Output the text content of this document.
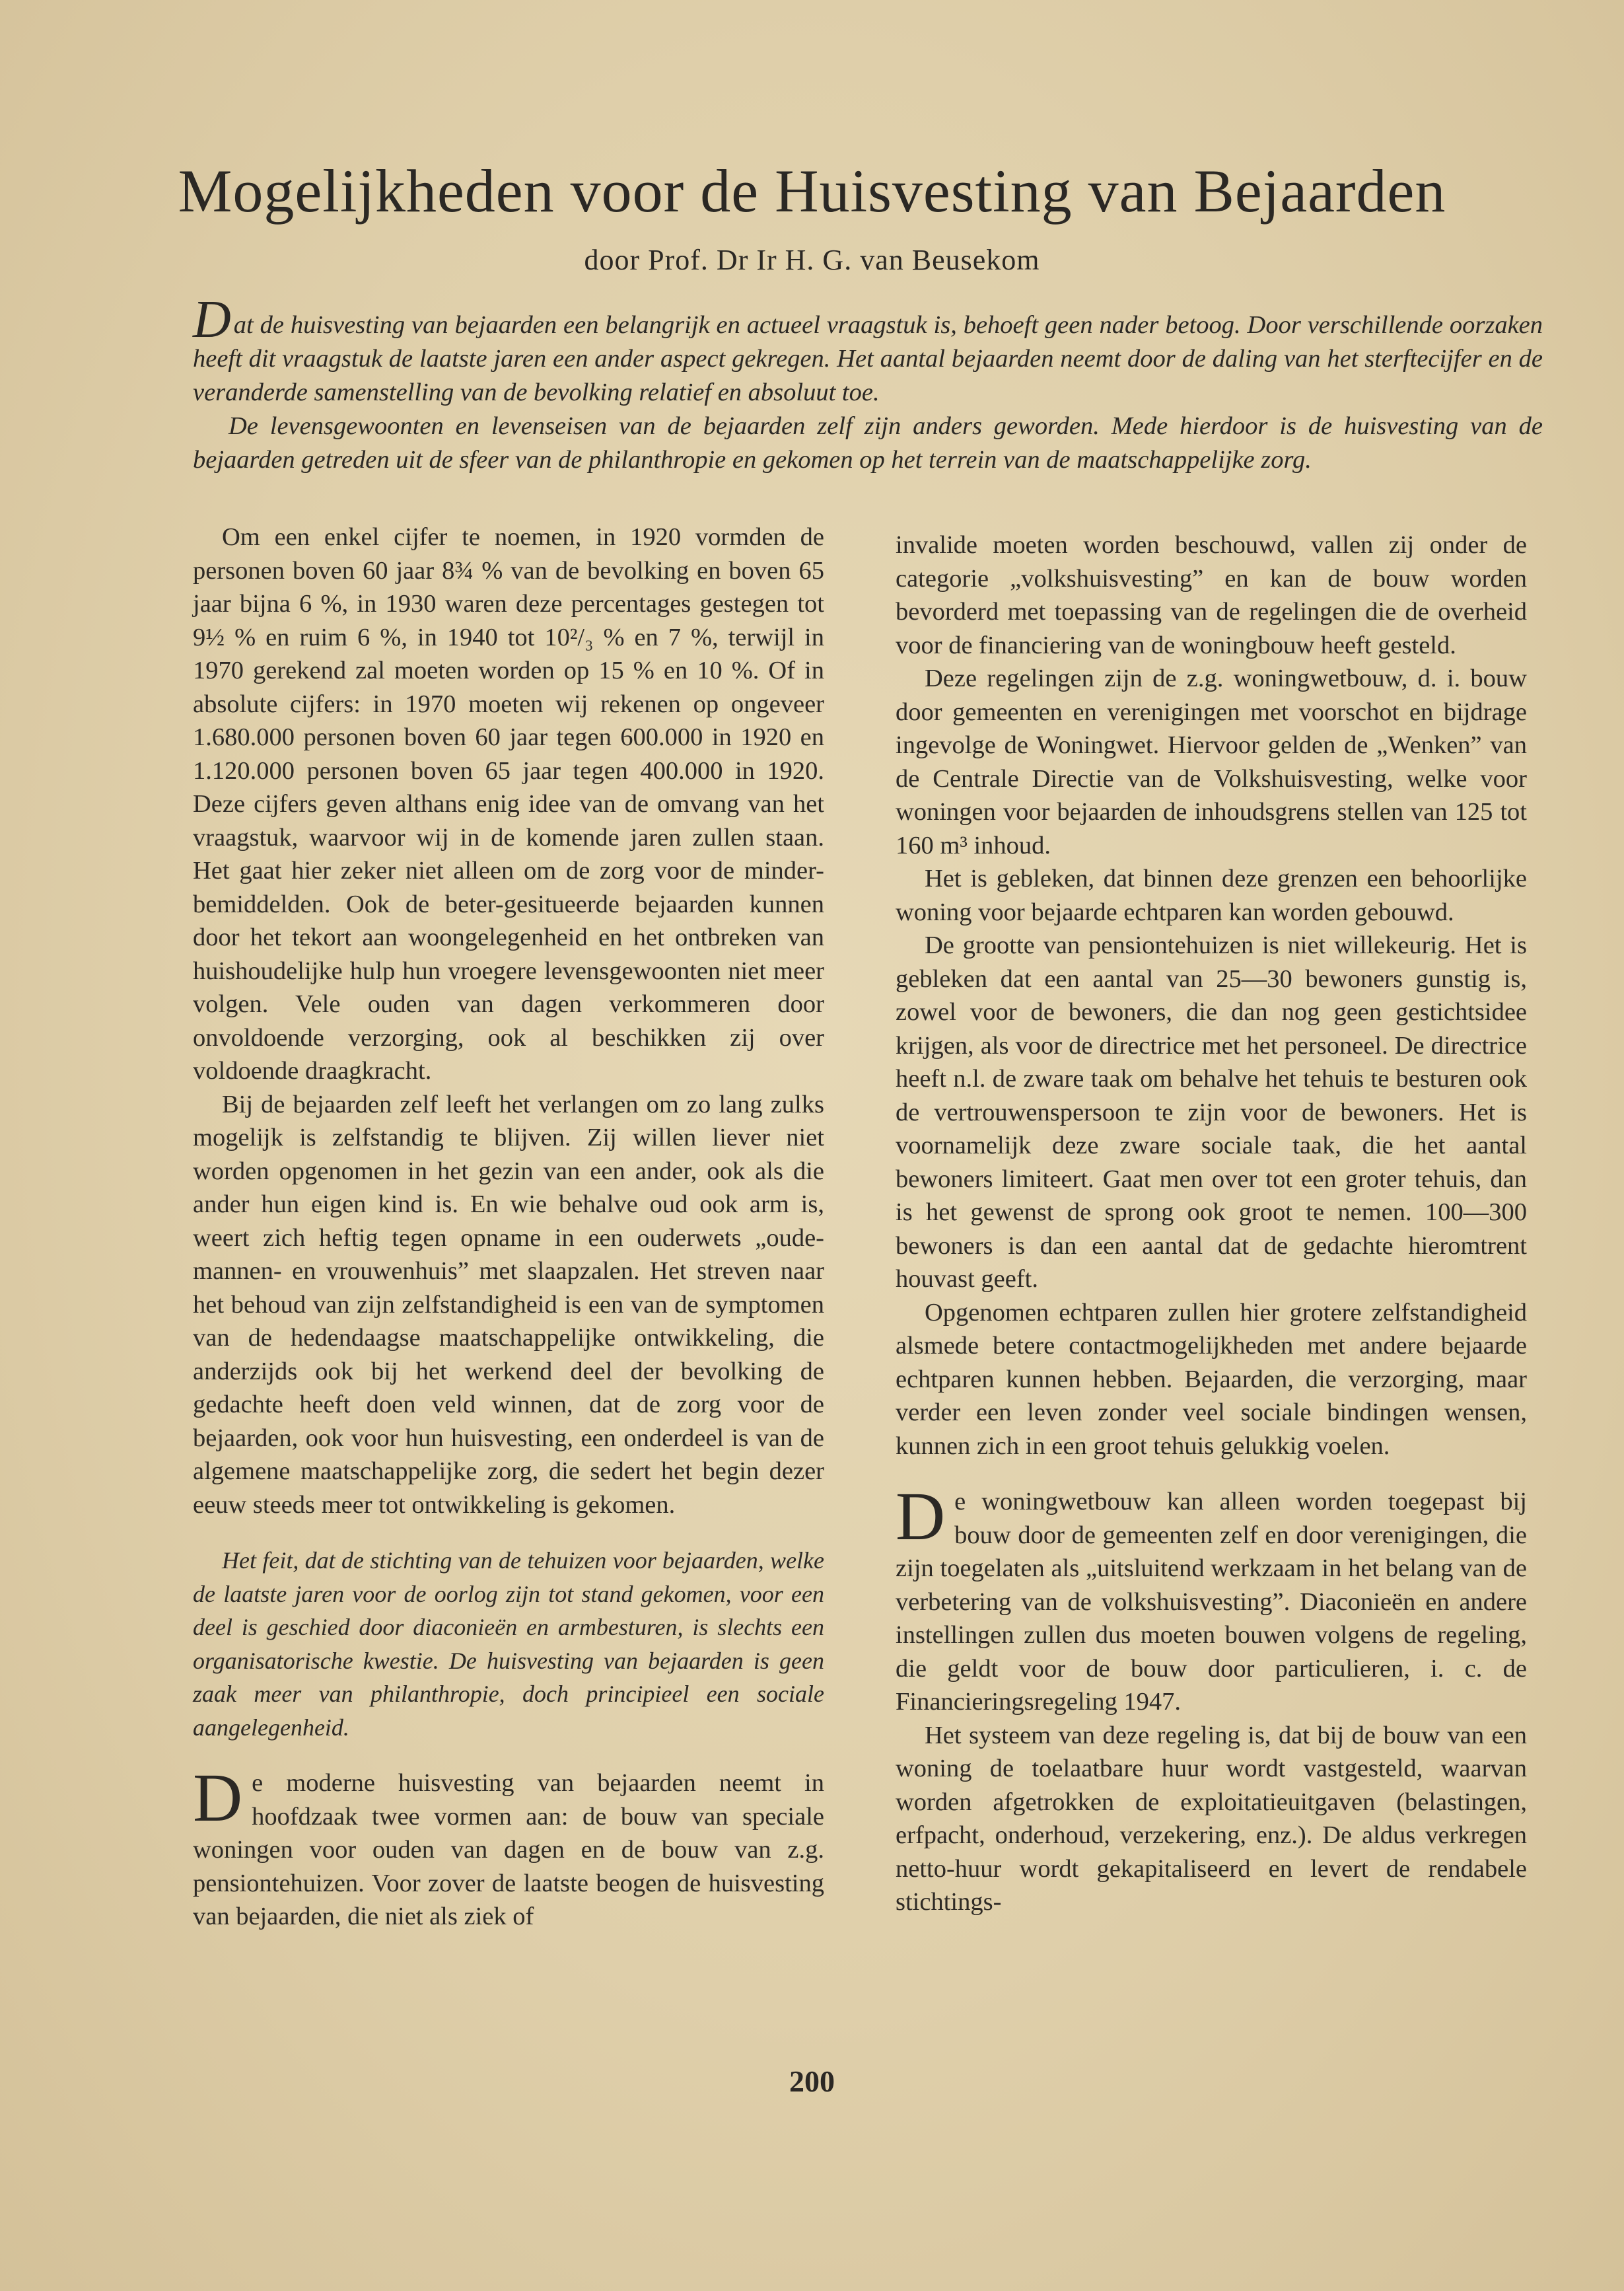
Mogelijkheden voor de Huisvesting van Bejaarden
door Prof. Dr Ir H. G. van Beusekom

Dat de huisvesting van bejaarden een belangrijk en actueel vraagstuk is, behoeft geen nader betoog. Door verschillende oorzaken heeft dit vraagstuk de laatste jaren een ander aspect gekregen. Het aantal bejaarden neemt door de daling van het sterftecijfer en de veranderde samenstelling van de bevolking relatief en absoluut toe.

De levensgewoonten en levenseisen van de bejaarden zelf zijn anders geworden. Mede hierdoor is de huisvesting van de bejaarden getreden uit de sfeer van de philanthropie en gekomen op het terrein van de maatschappelijke zorg.

Om een enkel cijfer te noemen, in 1920 vormden de personen boven 60 jaar 8¾ % van de bevolking en boven 65 jaar bijna 6 %, in 1930 waren deze percentages gestegen tot 9½ % en ruim 6 %, in 1940 tot 10²/₃ % en 7 %, terwijl in 1970 gerekend zal moeten worden op 15 % en 10 %. Of in absolute cijfers: in 1970 moeten wij rekenen op ongeveer 1.680.000 personen boven 60 jaar tegen 600.000 in 1920 en 1.120.000 personen boven 65 jaar tegen 400.000 in 1920. Deze cijfers geven althans enig idee van de omvang van het vraagstuk, waarvoor wij in de komende jaren zullen staan. Het gaat hier zeker niet alleen om de zorg voor de minder-bemiddelden. Ook de beter-gesitueerde bejaarden kunnen door het tekort aan woongelegenheid en het ontbreken van huishoudelijke hulp hun vroegere levensgewoonten niet meer volgen. Vele ouden van dagen verkommeren door onvoldoende verzorging, ook al beschikken zij over voldoende draagkracht.

Bij de bejaarden zelf leeft het verlangen om zo lang zulks mogelijk is zelfstandig te blijven. Zij willen liever niet worden opgenomen in het gezin van een ander, ook als die ander hun eigen kind is. En wie behalve oud ook arm is, weert zich heftig tegen opname in een ouderwets „oude-mannen- en vrouwenhuis” met slaapzalen. Het streven naar het behoud van zijn zelfstandigheid is een van de symptomen van de hedendaagse maatschappelijke ontwikkeling, die anderzijds ook bij het werkend deel der bevolking de gedachte heeft doen veld winnen, dat de zorg voor de bejaarden, ook voor hun huisvesting, een onderdeel is van de algemene maatschappelijke zorg, die sedert het begin dezer eeuw steeds meer tot ontwikkeling is gekomen.

Het feit, dat de stichting van de tehuizen voor bejaarden, welke de laatste jaren voor de oorlog zijn tot stand gekomen, voor een deel is geschied door diaconieën en armbesturen, is slechts een organisatorische kwestie. De huisvesting van bejaarden is geen zaak meer van philanthropie, doch principieel een sociale aangelegenheid.

De moderne huisvesting van bejaarden neemt in hoofdzaak twee vormen aan: de bouw van speciale woningen voor ouden van dagen en de bouw van z.g. pensiontehuizen. Voor zover de laatste beogen de huisvesting van bejaarden, die niet als ziek of

invalide moeten worden beschouwd, vallen zij onder de categorie „volkshuisvesting” en kan de bouw worden bevorderd met toepassing van de regelingen die de overheid voor de financiering van de woningbouw heeft gesteld.

Deze regelingen zijn de z.g. woningwetbouw, d. i. bouw door gemeenten en verenigingen met voorschot en bijdrage ingevolge de Woningwet. Hiervoor gelden de „Wenken” van de Centrale Directie van de Volkshuisvesting, welke voor woningen voor bejaarden de inhoudsgrens stellen van 125 tot 160 m³ inhoud.

Het is gebleken, dat binnen deze grenzen een behoorlijke woning voor bejaarde echtparen kan worden gebouwd.

De grootte van pensiontehuizen is niet willekeurig. Het is gebleken dat een aantal van 25—30 bewoners gunstig is, zowel voor de bewoners, die dan nog geen gestichtsidee krijgen, als voor de directrice met het personeel. De directrice heeft n.l. de zware taak om behalve het tehuis te besturen ook de vertrouwenspersoon te zijn voor de bewoners. Het is voornamelijk deze zware sociale taak, die het aantal bewoners limiteert. Gaat men over tot een groter tehuis, dan is het gewenst de sprong ook groot te nemen. 100—300 bewoners is dan een aantal dat de gedachte hieromtrent houvast geeft.

Opgenomen echtparen zullen hier grotere zelfstandigheid alsmede betere contactmogelijkheden met andere bejaarde echtparen kunnen hebben. Bejaarden, die verzorging, maar verder een leven zonder veel sociale bindingen wensen, kunnen zich in een groot tehuis gelukkig voelen.

De woningwetbouw kan alleen worden toegepast bij bouw door de gemeenten zelf en door verenigingen, die zijn toegelaten als „uitsluitend werkzaam in het belang van de verbetering van de volkshuisvesting”. Diaconieën en andere instellingen zullen dus moeten bouwen volgens de regeling, die geldt voor de bouw door particulieren, i. c. de Financieringsregeling 1947.

Het systeem van deze regeling is, dat bij de bouw van een woning de toelaatbare huur wordt vastgesteld, waarvan worden afgetrokken de exploitatieuitgaven (belastingen, erfpacht, onderhoud, verzekering, enz.). De aldus verkregen netto-huur wordt gekapitaliseerd en levert de rendabele stichtings-

200
